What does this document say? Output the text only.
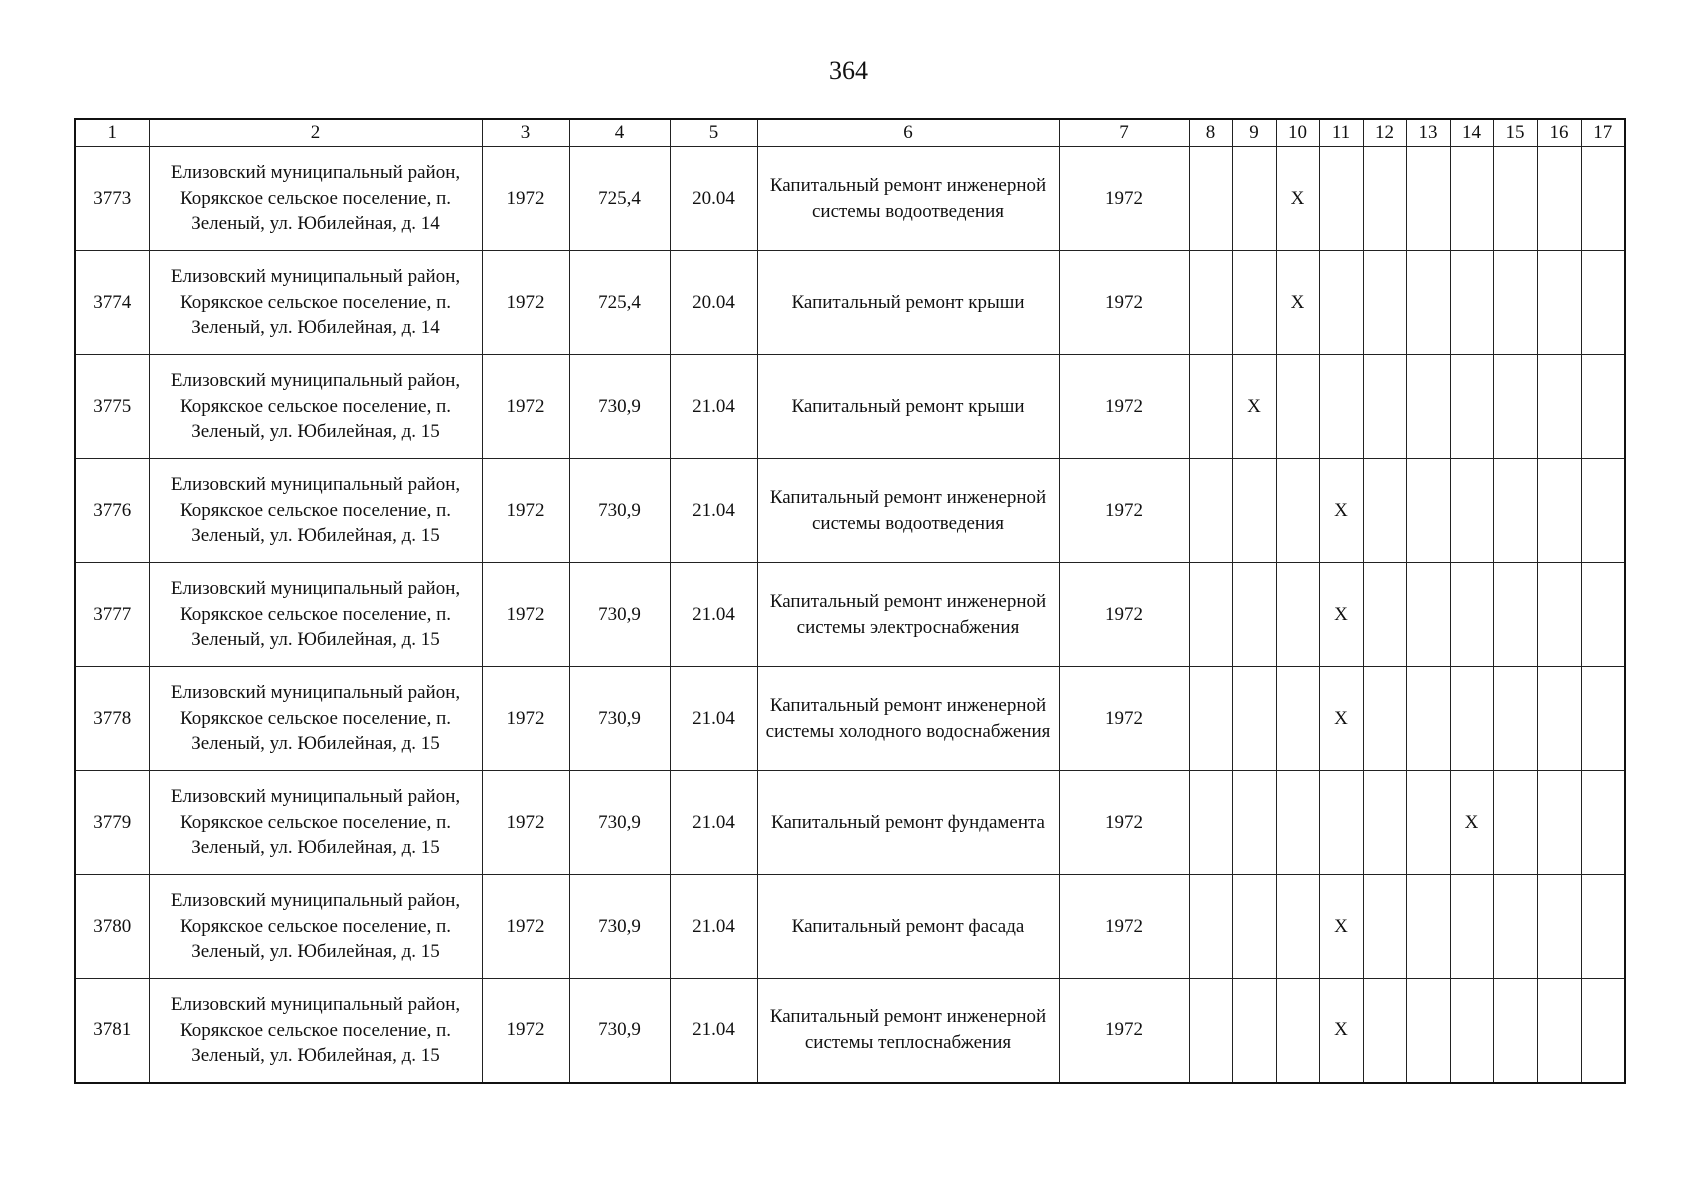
364
1	2	3	4	5	6	7	8	9	10	11	12	13	14	15	16	17
3773	Елизовский муниципальный район, Корякское сельское поселение, п. Зеленый, ул. Юбилейная, д. 14	1972	725,4	20.04	Капитальный ремонт инженерной системы водоотведения	1972			X							
3774	Елизовский муниципальный район, Корякское сельское поселение, п. Зеленый, ул. Юбилейная, д. 14	1972	725,4	20.04	Капитальный ремонт крыши	1972			X							
3775	Елизовский муниципальный район, Корякское сельское поселение, п. Зеленый, ул. Юбилейная, д. 15	1972	730,9	21.04	Капитальный ремонт крыши	1972		X								
3776	Елизовский муниципальный район, Корякское сельское поселение, п. Зеленый, ул. Юбилейная, д. 15	1972	730,9	21.04	Капитальный ремонт инженерной системы водоотведения	1972				X						
3777	Елизовский муниципальный район, Корякское сельское поселение, п. Зеленый, ул. Юбилейная, д. 15	1972	730,9	21.04	Капитальный ремонт инженерной системы электроснабжения	1972				X						
3778	Елизовский муниципальный район, Корякское сельское поселение, п. Зеленый, ул. Юбилейная, д. 15	1972	730,9	21.04	Капитальный ремонт инженерной системы холодного водоснабжения	1972				X						
3779	Елизовский муниципальный район, Корякское сельское поселение, п. Зеленый, ул. Юбилейная, д. 15	1972	730,9	21.04	Капитальный ремонт фундамента	1972							X			
3780	Елизовский муниципальный район, Корякское сельское поселение, п. Зеленый, ул. Юбилейная, д. 15	1972	730,9	21.04	Капитальный ремонт фасада	1972				X						
3781	Елизовский муниципальный район, Корякское сельское поселение, п. Зеленый, ул. Юбилейная, д. 15	1972	730,9	21.04	Капитальный ремонт инженерной системы теплоснабжения	1972				X						
